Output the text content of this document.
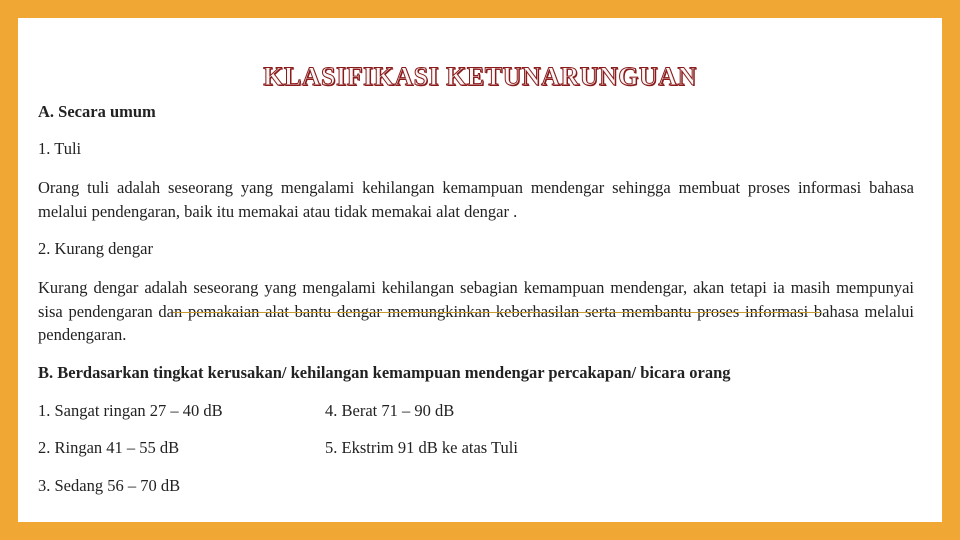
KLASIFIKASI KETUNARUNGUAN
A. Secara umum
1. Tuli
Orang tuli adalah seseorang yang mengalami kehilangan kemampuan mendengar sehingga membuat proses informasi bahasa melalui pendengaran, baik itu memakai atau tidak memakai alat dengar .
2. Kurang dengar
Kurang dengar adalah seseorang yang mengalami kehilangan sebagian kemampuan mendengar, akan tetapi ia masih mempunyai sisa pendengaran dan pemakaian alat bantu dengar memungkinkan keberhasilan serta membantu proses informasi bahasa melalui pendengaran.
B. Berdasarkan tingkat kerusakan/ kehilangan kemampuan mendengar percakapan/ bicara orang
1. Sangat ringan 27 – 40 dB
2. Ringan 41 – 55 dB
3. Sedang 56 – 70 dB
4. Berat 71 – 90 dB
5. Ekstrim 91 dB ke atas Tuli
